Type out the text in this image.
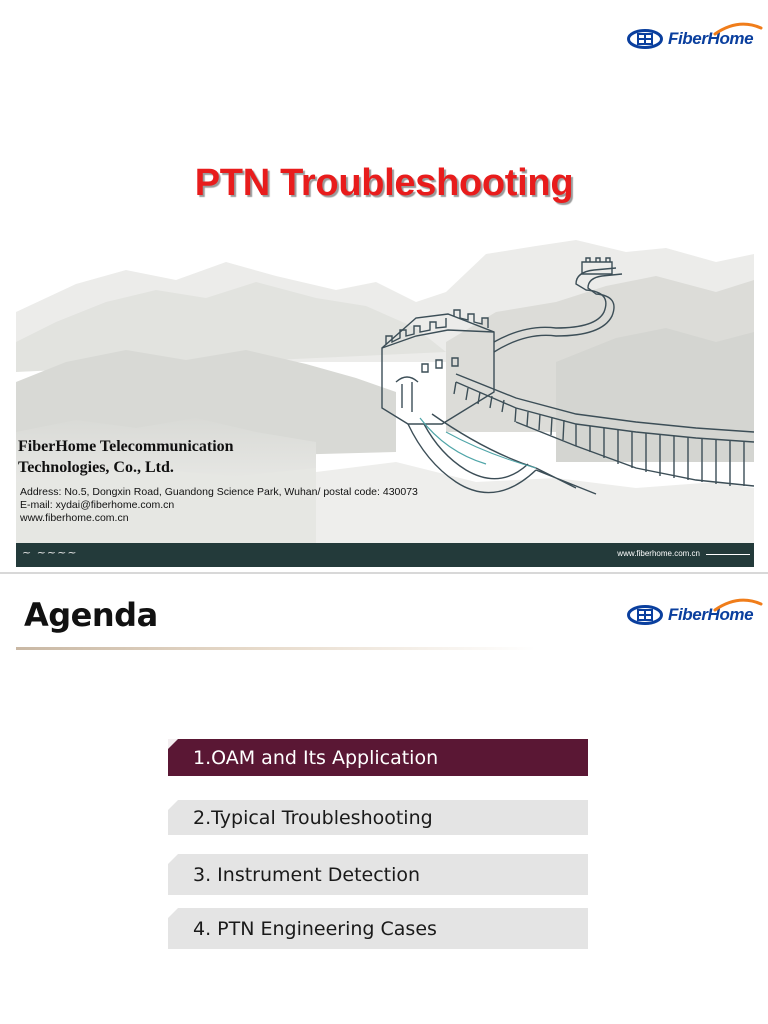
FiberHome
PTN Troubleshooting
FiberHome Telecommunication
Technologies, Co., Ltd.
Address: No.5, Dongxin Road, Guandong Science Park, Wuhan/ postal code: 430073
E-mail: xydai@fiberhome.com.cn
www.fiberhome.com.cn
~ ~~~~	www.fiberhome.com.cn
FiberHome
Agenda
1.OAM and Its Application
2.Typical Troubleshooting
3. Instrument Detection
4. PTN Engineering Cases
